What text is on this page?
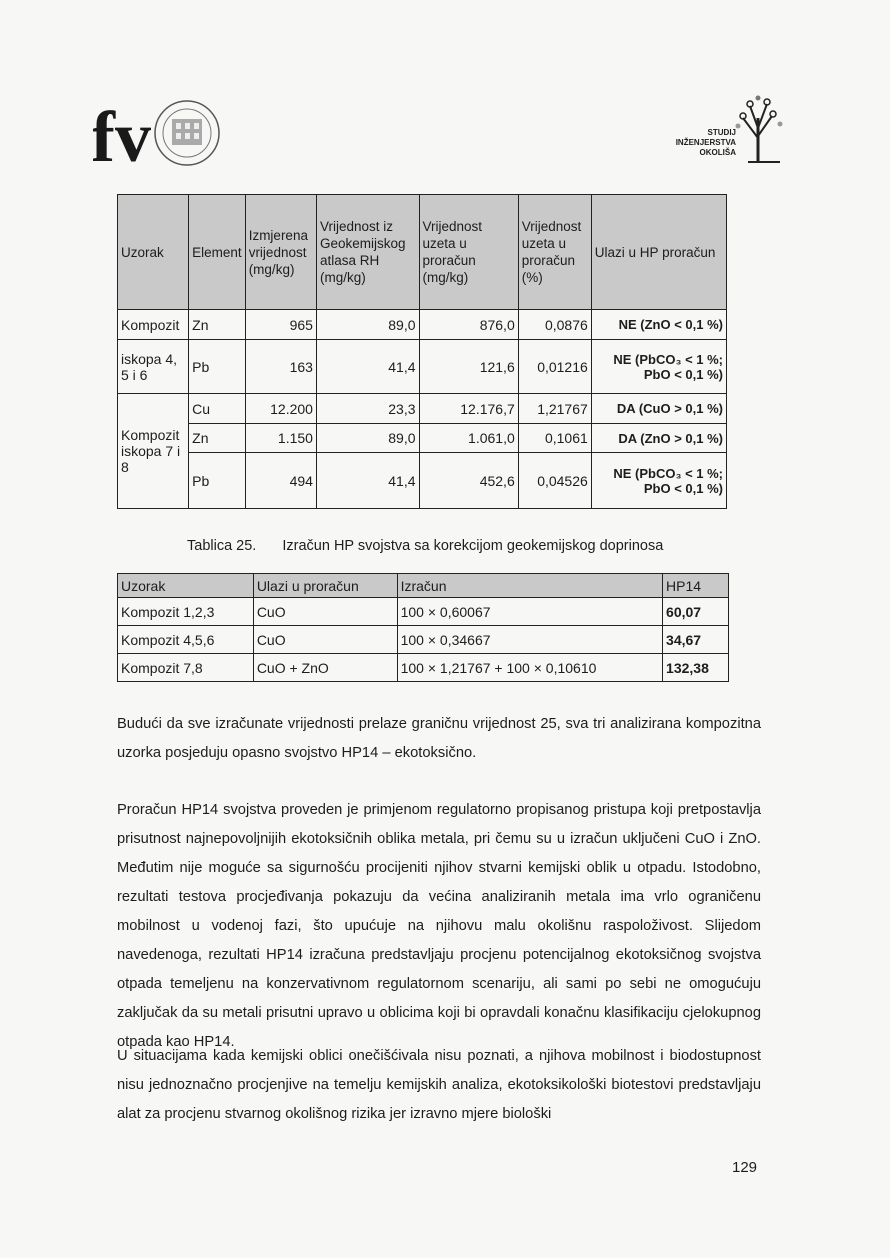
fv	STUDIJ
INŽENJERSTVA
OKOLIŠA
Uzorak	Element	Izmjerena vrijednost (mg/kg)	Vrijednost iz Geokemijskog atlasa RH (mg/kg)	Vrijednost uzeta u proračun (mg/kg)	Vrijednost uzeta u proračun (%)	Ulazi u HP proračun
Kompozit	Zn	965	89,0	876,0	0,0876	NE (ZnO < 0,1 %)
iskopa 4, 5 i 6	Pb	163	41,4	121,6	0,01216	NE (PbCO₃ < 1 %; PbO < 0,1 %)
Kompozit iskopa 7 i 8	Cu	12.200	23,3	12.176,7	1,21767	DA (CuO > 0,1 %)
	Zn	1.150	89,0	1.061,0	0,1061	DA (ZnO > 0,1 %)
	Pb	494	41,4	452,6	0,04526	NE (PbCO₃ < 1 %; PbO < 0,1 %)
Tablica 25. Izračun HP svojstva sa korekcijom geokemijskog doprinosa
Uzorak	Ulazi u proračun	Izračun	HP14
Kompozit 1,2,3	CuO	100 × 0,60067	60,07
Kompozit 4,5,6	CuO	100 × 0,34667	34,67
Kompozit 7,8	CuO + ZnO	100 × 1,21767 + 100 × 0,10610	132,38

Budući da sve izračunate vrijednosti prelaze graničnu vrijednost 25, sva tri analizirana kompozitna uzorka posjeduju opasno svojstvo HP14 – ekotoksično.

Proračun HP14 svojstva proveden je primjenom regulatorno propisanog pristupa koji pretpostavlja prisutnost najnepovoljnijih ekotoksičnih oblika metala, pri čemu su u izračun uključeni CuO i ZnO. Međutim nije moguće sa sigurnošću procijeniti njihov stvarni kemijski oblik u otpadu. Istodobno, rezultati testova procjeđivanja pokazuju da većina analiziranih metala ima vrlo ograničenu mobilnost u vodenoj fazi, što upućuje na njihovu malu okolišnu raspoloživost. Slijedom navedenoga, rezultati HP14 izračuna predstavljaju procjenu potencijalnog ekotoksičnog svojstva otpada temeljenu na konzervativnom regulatornom scenariju, ali sami po sebi ne omogućuju zaključak da su metali prisutni upravo u oblicima koji bi opravdali konačnu klasifikaciju cjelokupnog otpada kao HP14.

U situacijama kada kemijski oblici onečišćivala nisu poznati, a njihova mobilnost i biodostupnost nisu jednoznačno procjenjive na temelju kemijskih analiza, ekotoksikološki biotestovi predstavljaju alat za procjenu stvarnog okolišnog rizika jer izravno mjere biološki

129
